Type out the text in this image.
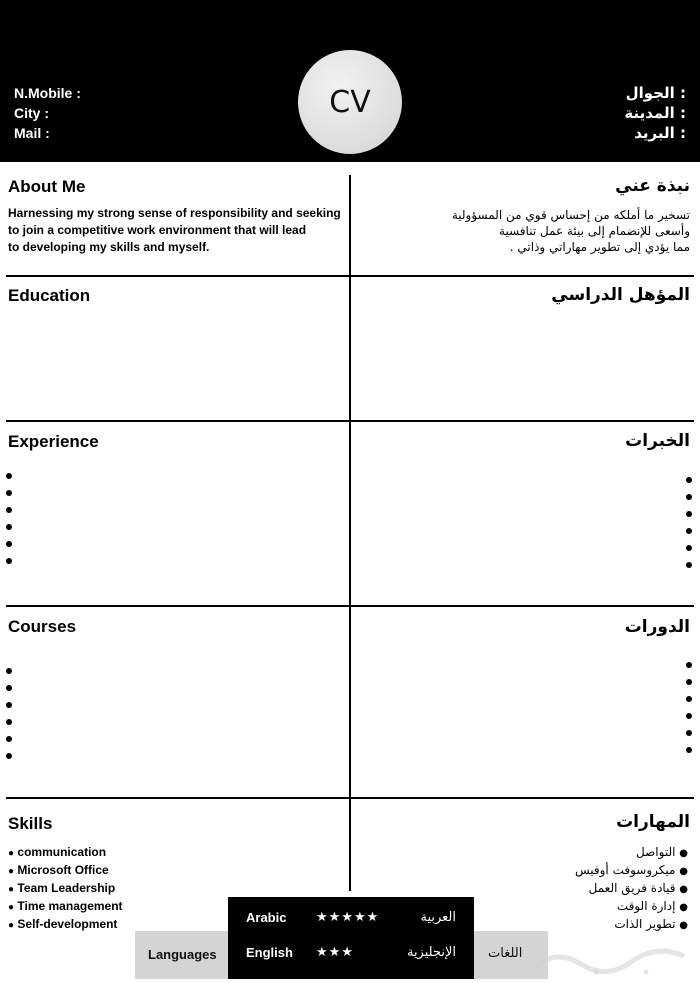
N.Mobile :
City :
Mail :
CV	الجوال :
المدينة :
البريد :
About Me	نبذة عني
Harnessing my strong sense of responsibility and seeking
to join a competitive work environment that will lead
to developing my skills and myself.
تسخير ما أملكه من إحساس قوي من المسؤولية
وأسعى للإنضمام إلى بيئة عمل تنافسية
مما يؤدي إلى تطوير مهاراتي وذاتي .
Education	المؤهل الدراسي
Experience	الخبرات
Courses	الدورات
Skills	المهارات
● communication
● Microsoft Office
● Team Leadership
● Time management
● Self-development
● التواصل
● ميكروسوفت أوفيس
● قيادة فريق العمل
● إدارة الوقت
● تطوير الذات
Languages	اللغات
Arabic ★★★★★	العربية
English ★★★	الإنجليزية
